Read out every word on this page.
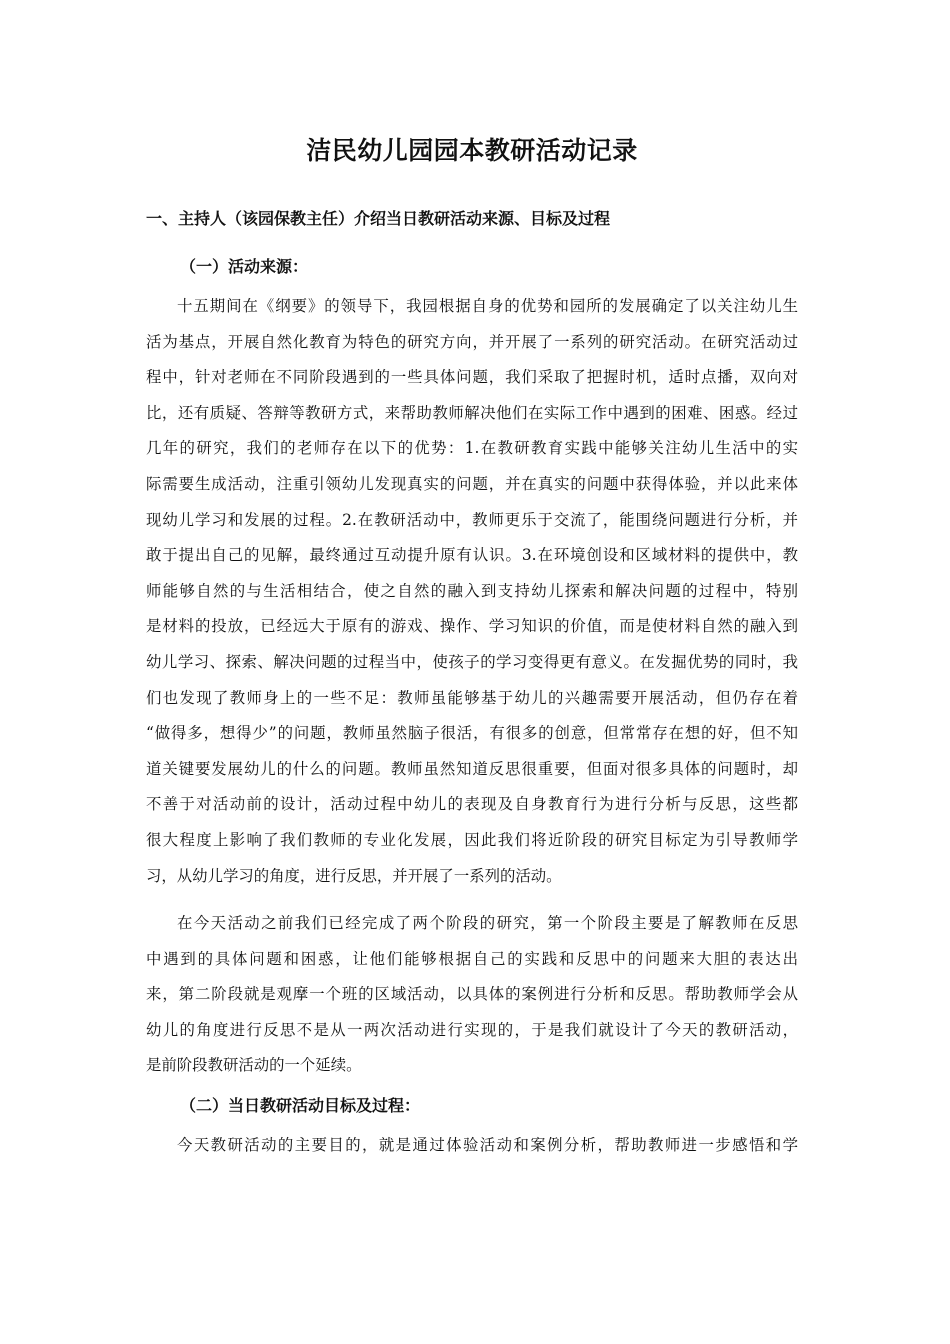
洁民幼儿园园本教研活动记录
一、主持人（该园保教主任）介绍当日教研活动来源、目标及过程
（一）活动来源：

十五期间在《纲要》的领导下，我园根据自身的优势和园所的发展确定了以关注幼儿生
活为基点，开展自然化教育为特色的研究方向，并开展了一系列的研究活动。在研究活动过
程中，针对老师在不同阶段遇到的一些具体问题，我们采取了把握时机，适时点播，双向对
比，还有质疑、答辩等教研方式，来帮助教师解决他们在实际工作中遇到的困难、困惑。经过
几年的研究，我们的老师存在以下的优势：1.在教研教育实践中能够关注幼儿生活中的实
际需要生成活动，注重引领幼儿发现真实的问题，并在真实的问题中获得体验，并以此来体
现幼儿学习和发展的过程。2.在教研活动中，教师更乐于交流了，能围绕问题进行分析，并
敢于提出自己的见解，最终通过互动提升原有认识。3.在环境创设和区域材料的提供中，教
师能够自然的与生活相结合，使之自然的融入到支持幼儿探索和解决问题的过程中，特别
是材料的投放，已经远大于原有的游戏、操作、学习知识的价值，而是使材料自然的融入到
幼儿学习、探索、解决问题的过程当中，使孩子的学习变得更有意义。在发掘优势的同时，我
们也发现了教师身上的一些不足：教师虽能够基于幼儿的兴趣需要开展活动，但仍存在着
“做得多，想得少”的问题，教师虽然脑子很活，有很多的创意，但常常存在想的好，但不知
道关键要发展幼儿的什么的问题。教师虽然知道反思很重要，但面对很多具体的问题时，却
不善于对活动前的设计，活动过程中幼儿的表现及自身教育行为进行分析与反思，这些都
很大程度上影响了我们教师的专业化发展，因此我们将近阶段的研究目标定为引导教师学
习，从幼儿学习的角度，进行反思，并开展了一系列的活动。

在今天活动之前我们已经完成了两个阶段的研究，第一个阶段主要是了解教师在反思
中遇到的具体问题和困惑，让他们能够根据自己的实践和反思中的问题来大胆的表达出
来，第二阶段就是观摩一个班的区域活动，以具体的案例进行分析和反思。帮助教师学会从
幼儿的角度进行反思不是从一两次活动进行实现的，于是我们就设计了今天的教研活动，
是前阶段教研活动的一个延续。

（二）当日教研活动目标及过程：

今天教研活动的主要目的，就是通过体验活动和案例分析，帮助教师进一步感悟和学
